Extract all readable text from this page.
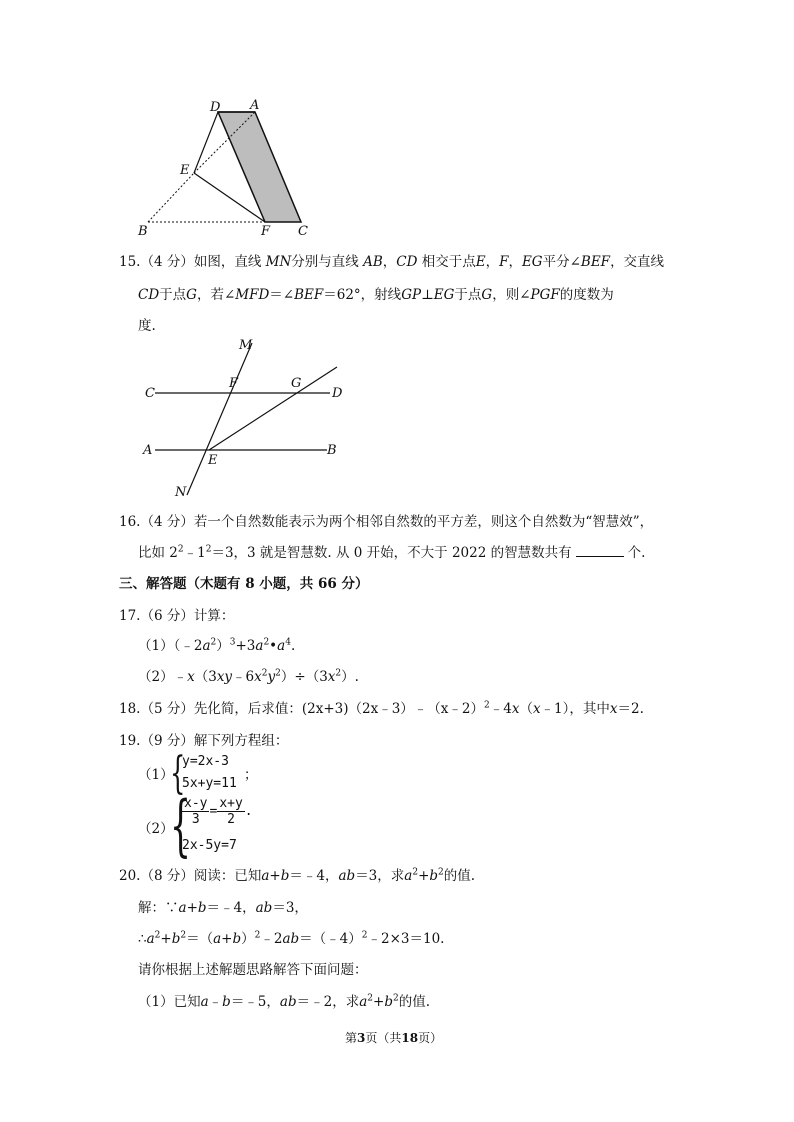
D A
E
B	F C
15.（4 分）如图，直线 MN分别与直线 AB，CD 相交于点E，F，EG平分∠BEF，交直线
CD于点G，若∠MFD＝∠BEF＝62°，射线GP⊥EG于点G，则∠PGF的度数为
度.
M
C
F	G
D
A
E
B
N
16.（4 分）若一个自然数能表示为两个相邻自然数的平方差，则这个自然数为“智慧效”，
比如 $2^2﹣1^2=3$，3 就是智慧数. 从 0 开始，不大于 2022 的智慧数共有	个.
三、解答题（木题有 8 小题，共 66 分）
17.（6 分）计算：
$(1)(﹣2a^2)^3+3a^2•a^4$.
$(2)﹣x(3xy﹣6x^2y^2)\div(3x^2)$.
18.（5 分）先化简，后求值：(2x+3)（2x﹣3）﹣（x﹣2）$^2$﹣4x（x﹣1），其中x＝2.
19.（9 分）解下列方程组：
（1）
{
y=2x-3
5x+y=11
；
（2）
{
$\frac{x-y}{3} = \frac{x+y}{2}$ .
2x-5y=7
20.（8 分）阅读：已知a+b＝﹣4，ab＝3，求$a^2+b^2$的值.
解：∵a+b＝﹣4，ab＝3，
$\therefore a^2+b^2=(a+b)^2﹣2ab=(﹣4)^2﹣2\times 3=10$.
请你根据上述解题思路解答下面问题：
（1）已知a﹣b＝﹣5，ab＝﹣2，求$a^2+b^2$的值.
第3页（共18页）
